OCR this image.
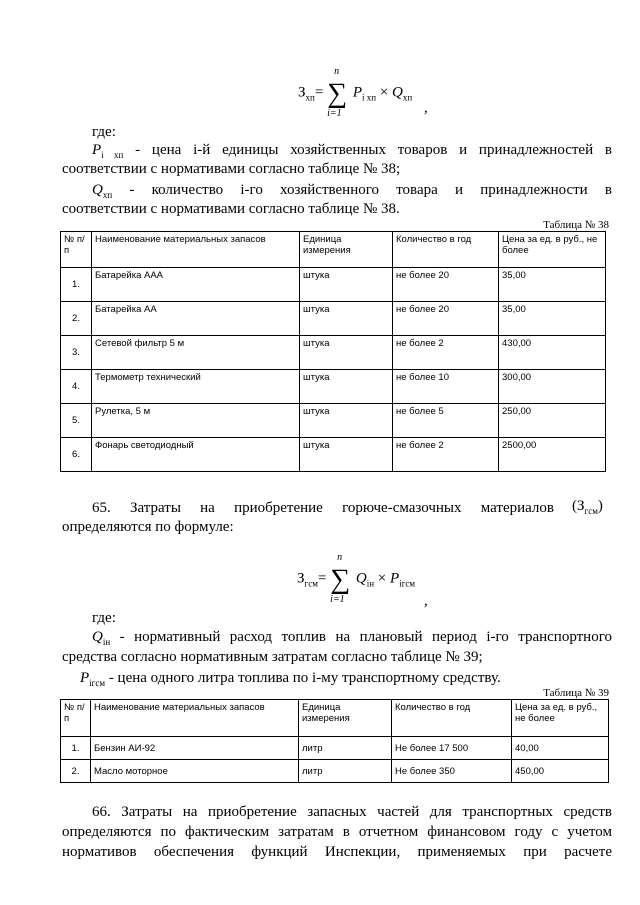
$З_{хп}=$ ∑
n
i=1
$P_{i хп} \times Q_{хп}$
,
где:
$P_{i хп}$ - цена i-й единицы хозяйственных товаров и принадлежностей в
соответствии с нормативами согласно таблице № 38;
$Q_{хп}$ - количество i-го хозяйственного товара и принадлежности в
соответствии с нормативами согласно таблице № 38.
Таблица № 38
№ п/п	Наименование материальных запасов	Единица измерения	Количество в год	Цена за ед. в руб., не более
1.	Батарейка ААА	штука	не более 20	35,00
2.	Батарейка АА	штука	не более 20	35,00
3.	Сетевой фильтр 5 м	штука	не более 2	430,00
4.	Термометр технический	штука	не более 10	300,00
5.	Рулетка, 5 м	штука	не более 5	250,00
6.	Фонарь светодиодный	штука	не более 2	2500,00
65. Затраты на приобретение горюче-смазочных материалов $(З_{гсм})$
определяются по формуле:
$З_{гсм}=$ ∑
n
i=1
$Q_{iн} \times P_{iгсм}$
,
где:
$Q_{iн}$ - нормативный расход топлив на плановый период i-го транспортного
средства согласно нормативным затратам согласно таблице № 39;
$P_{iгсм}$ - цена одного литра топлива по i-му транспортному средству.
Таблица № 39
№ п/п	Наименование материальных запасов	Единица измерения	Количество в год	Цена за ед. в руб., не более
1.	Бензин АИ-92	литр	Не более 17 500	40,00
2.	Масло моторное	литр	Не более 350	450,00
66. Затраты на приобретение запасных частей для транспортных средств
определяются по фактическим затратам в отчетном финансовом году с учетом
нормативов обеспечения функций Инспекции, применяемых при расчете
